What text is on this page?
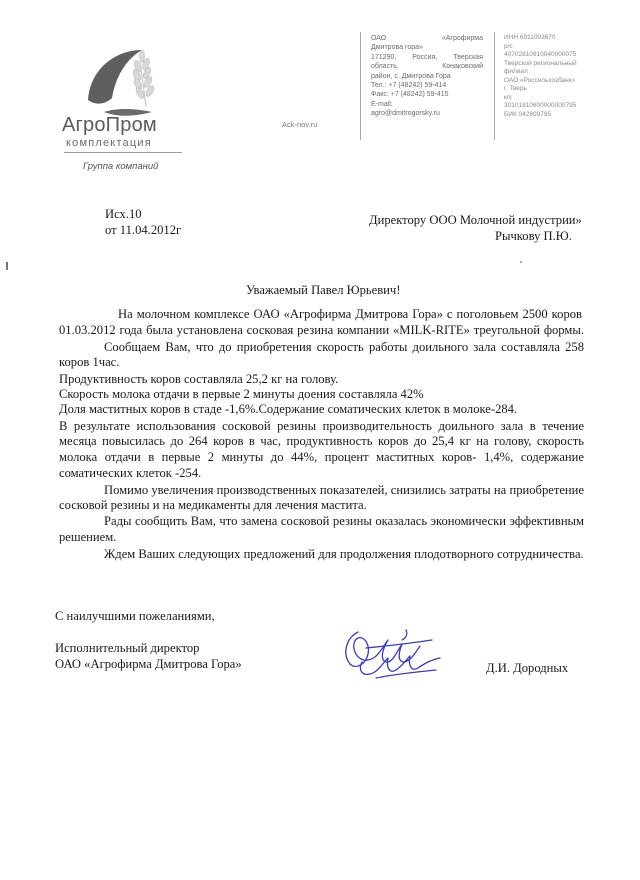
АгроПром
комплектация
Группа компаний
Ack-nov.ru
ОАО	«Агрофирма
Дмитрова гора»
171290, Россия, Тверская
область,	Конаковский
район, с. Дмитрова Гора
Тел.: +7 (48242) 59-414
Факс: +7 (48242) 59-415
E-mail:
agro@dmitrogorsky.ru
ИНН 6911003670
р/с
40702810910040000075
Тверской региональный
филиал
ОАО «Россельхозбанк»
г. Тверь
к/с
30101810600000000795
БИК 042809795
Исх.10
от 11.04.2012г
Директору ООО Молочной индустрии»
Рычкову П.Ю.
Уважаемый Павел Юрьевич!
На молочном комплексе ОАО «Агрофирма Дмитрова Гора» с поголовьем 2500 коров
01.03.2012 года была установлена сосковая резина компании «MILK-RITE» треугольной формы.
Сообщаем Вам, что до приобретения скорость работы доильного зала составляла 258
коров 1час.
Продуктивность коров составляла 25,2 кг на голову.
Скорость молока отдачи в первые 2 минуты доения составляла 42%
Доля маститных коров в стаде -1,6%.Содержание соматических клеток в молоке-284.
В результате использования сосковой резины производительность доильного зала в течение
месяца повысилась до 264 коров в час, продуктивность коров до 25,4 кг на голову, скорость
молока отдачи в первые 2 минуты до 44%, процент маститных коров- 1,4%, содержание
соматических клеток -254.
Помимо увеличения производственных показателей, снизились затраты на приобретение
сосковой резины и на медикаменты для лечения мастита.
Рады сообщить Вам, что замена сосковой резины оказалась экономически эффективным
решением.
Ждем Ваших следующих предложений для продолжения плодотворного сотрудничества.
С наилучшими пожеланиями,
Исполнительный директор
ОАО «Агрофирма Дмитрова Гора»	Д.И. Дородных
